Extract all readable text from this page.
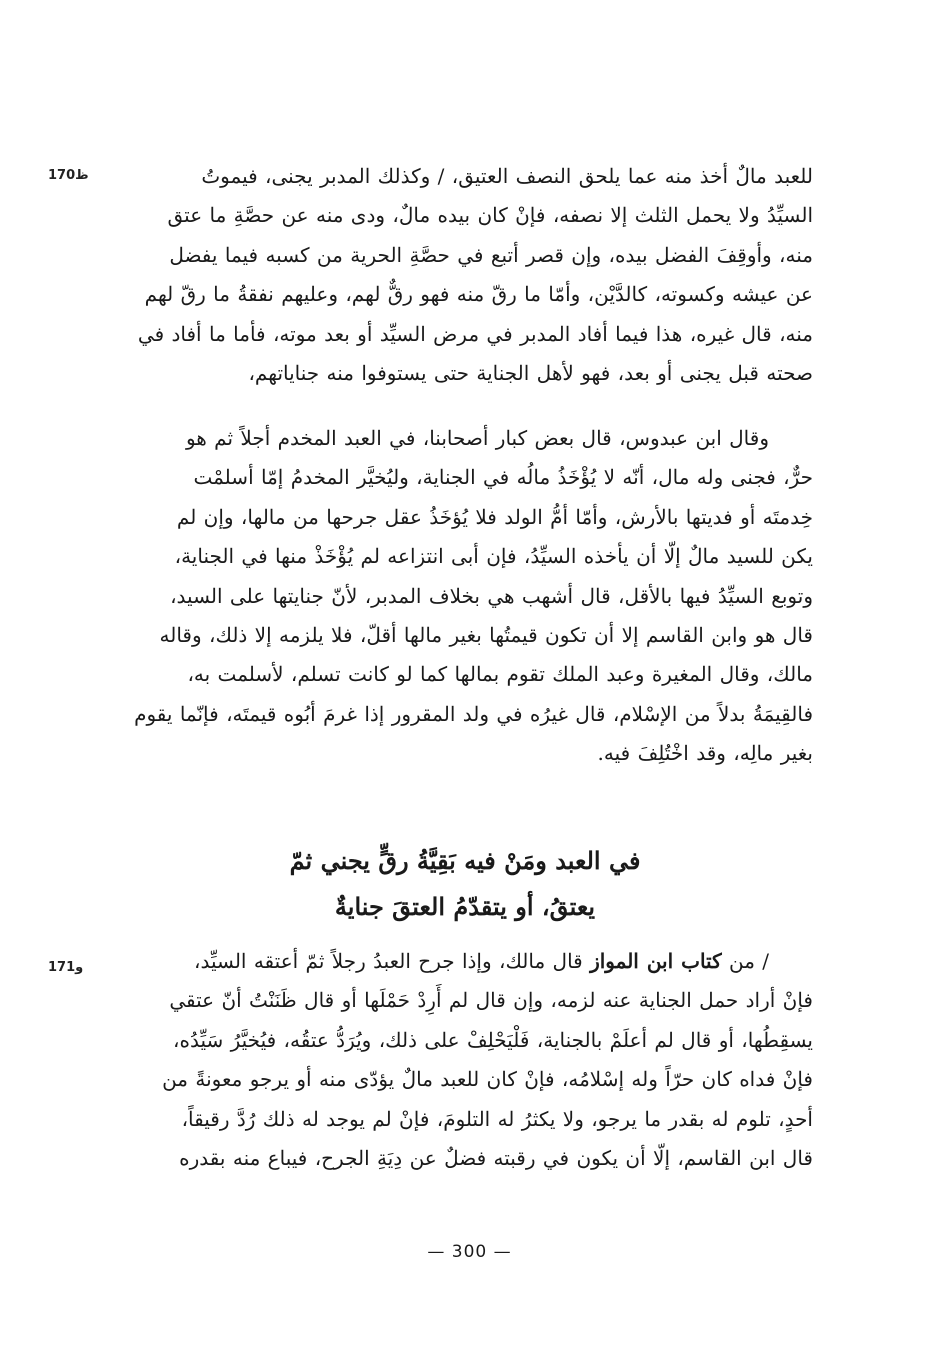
170ظ	للعبد مالٌ أخذ منه عما يلحق النصف العتيق، / وكذلك المدبر يجنى، فيموتُ
السيِّدُ ولا يحمل الثلث إلا نصفه، فإنْ كان بيده مالٌ، ودى منه عن حصَّةِ ما عتق
منه، وأوقِفَ الفضل بيده، وإن قصر أتبع في حصَّةِ الحرية من كسبه فيما يفضل
عن عيشه وكسوته، كالدَّيْن، وأمّا ما رقّ منه فهو رقٌّ لهم، وعليهم نفقةُ ما رقّ لهم
منه، قال غيره، هذا فيما أفاد المدبر في مرض السيِّد أو بعد موته، فأما ما أفاد في
صحته قبل يجنى أو بعد، فهو لأهل الجناية حتى يستوفوا منه جناياتهم،
وقال ابن عبدوس، قال بعض كبار أصحابنا، في العبد المخدم أجلاً ثم هو
حرٌّ، فجنى وله مال، أنّه لا يُؤْخَذُ مالُه في الجناية، وليُخيَّر المخدمُ إمّا أسلمْت
خِدمتَه أو فديتها بالأرش، وأمّا أمُّ الولد فلا يُؤخَذُ عقل جرحها من مالها، وإن لم
يكن للسيد مالٌ إلّا أن يأخذه السيِّدُ، فإن أبى انتزاعه لم يُؤْخَذْ منها في الجناية،
وتوبع السيِّدُ فيها بالأقل، قال أشهب هي بخلاف المدبر، لأنّ جنايتها على السيد،
قال هو وابن القاسم إلا أن تكون قيمتُها بغير مالها أقلّ، فلا يلزمه إلا ذلك، وقاله
مالك، وقال المغيرة وعبد الملك تقوم بمالها كما لو كانت تسلم، لأسلمت به،
فالقِيمَةُ بدلاً من الإسْلام، قال غيرُه في ولد المقرور إذا غرمَ أبُوه قيمتَه، فإنّما يقوم
بغير مالِه، وقد اخْتُلِفَ فيه.
في العبد ومَنْ فيه بَقِيَّةُ رقٍّ يجني ثمّ
يعتقُ، أو يتقدّمُ العتقَ جنايةٌ
171و	/ من كتاب ابن المواز قال مالك، وإذا جرح العبدُ رجلاً ثمّ أعتقه السيِّد،
فإنْ أراد حمل الجناية عنه لزمه، وإن قال لم أَرِدْ حَمْلَها أو قال ظَنَنْتُ أنّ عتقي
يسقِطُها، أو قال لم أعلَمْ بالجناية، فَلْيَحْلِفْ على ذلك، ويُرَدُّ عتقُه، فيُخيَّرُ سَيِّدُه،
فإنْ فداه كان حرّاً وله إسْلامُه، فإنْ كان للعبد مالٌ يؤدّى منه أو يرجو معونةً من
أحدٍ، تلوم له بقدر ما يرجو، ولا يكثرُ له التلومَ، فإنْ لم يوجد له ذلك رُدَّ رقيقاً،
قال ابن القاسم، إلّا أن يكون في رقبته فضلٌ عن دِيَةِ الجرح، فيباع منه بقدره
— 300 —
